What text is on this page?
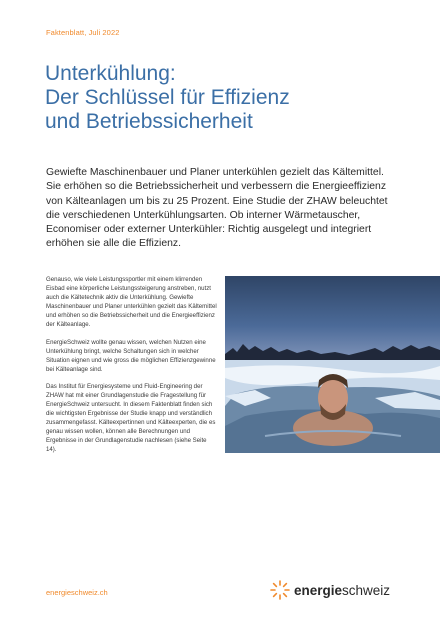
Faktenblatt, Juli 2022
Unterkühlung:
Der Schlüssel für Effizienz
und Betriebssicherheit

Gewiefte Maschinenbauer und Planer unterkühlen gezielt das Kältemittel. Sie erhöhen so die Betriebssicherheit und verbessern die Energieeffizienz von Kälteanlagen um bis zu 25 Prozent. Eine Studie der ZHAW beleuchtet die verschiedenen Unterkühlungsarten. Ob interner Wärmetauscher, Economiser oder externer Unterkühler: Richtig ausgelegt und integriert erhöhen sie alle die Effizienz.

Genauso, wie viele Leistungssportler mit einem klirrenden Eisbad eine körperliche Leistungssteigerung anstreben, nutzt auch die Kältetechnik aktiv die Unterkühlung. Gewiefte Maschinenbauer und Planer unterkühlen gezielt das Kältemittel und erhöhen so die Betriebssicherheit und die Energieeffizienz der Kälteanlage.

EnergieSchweiz wollte genau wissen, welchen Nutzen eine Unterkühlung bringt, welche Schaltungen sich in welcher Situation eignen und wie gross die möglichen Effizienzgewinne bei Kälteanlage sind.

Das Institut für Energiesysteme und Fluid-Engineering der ZHAW hat mit einer Grundlagenstudie die Fragestellung für EnergieSchweiz untersucht. In diesem Faktenblatt finden sich die wichtigsten Ergebnisse der Studie knapp und verständlich zusammengefasst. Kälteexpertinnen und Kälteexperten, die es genau wissen wollen, können alle Berechnungen und Ergebnisse in der Grundlagenstudie nachlesen (siehe Seite 14).

energieschweiz.ch	energieschweiz
